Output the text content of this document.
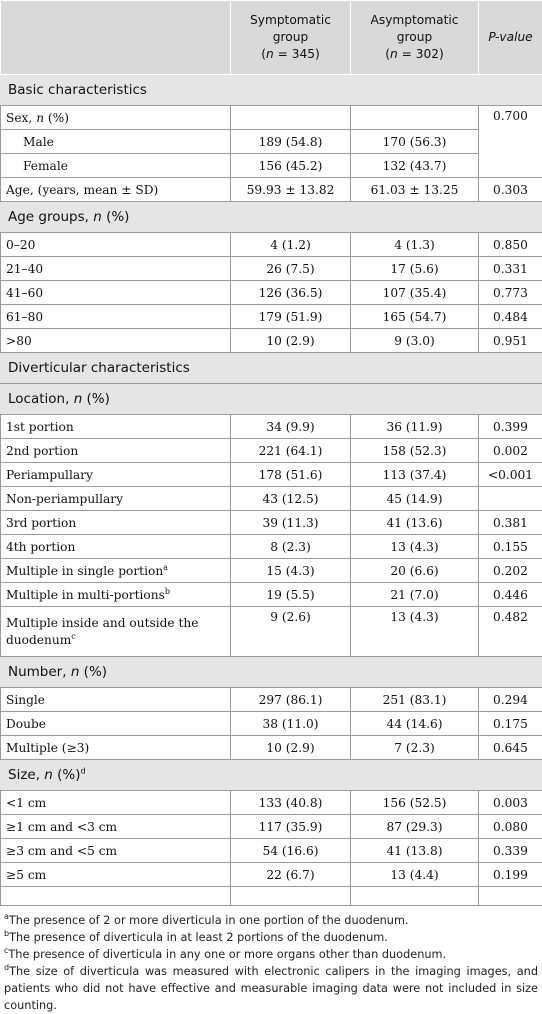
	Symptomatic
group
(n = 345)	Asymptomatic
group
(n = 302)	P-value
Basic characteristics			
Sex, n (%)			0.700
Male	189 (54.8)	170 (56.3)	
Female	156 (45.2)	132 (43.7)	
Age, (years, mean ± SD)	59.93 ± 13.82	61.03 ± 13.25	0.303
Age groups, n (%)			
0–20	4 (1.2)	4 (1.3)	0.850
21–40	26 (7.5)	17 (5.6)	0.331
41–60	126 (36.5)	107 (35.4)	0.773
61–80	179 (51.9)	165 (54.7)	0.484
>80	10 (2.9)	9 (3.0)	0.951
Diverticular characteristics			
Location, n (%)			
1st portion	34 (9.9)	36 (11.9)	0.399
2nd portion	221 (64.1)	158 (52.3)	0.002
Periampullary	178 (51.6)	113 (37.4)	<0.001
Non-periampullary	43 (12.5)	45 (14.9)	
3rd portion	39 (11.3)	41 (13.6)	0.381
4th portion	8 (2.3)	13 (4.3)	0.155
Multiple in single portion$^a$	15 (4.3)	20 (6.6)	0.202
Multiple in multi-portions$^b$	19 (5.5)	21 (7.0)	0.446
Multiple inside and outside the
duodenum$^c$	9 (2.6)	13 (4.3)	0.482
Number, n (%)			
Single	297 (86.1)	251 (83.1)	0.294
Doube	38 (11.0)	44 (14.6)	0.175
Multiple (≥3)	10 (2.9)	7 (2.3)	0.645
Size, n (%)$^d$
<1 cm	133 (40.8)	156 (52.5)	0.003
≥1 cm and <3 cm	117 (35.9)	87 (29.3)	0.080
≥3 cm and <5 cm	54 (16.6)	41 (13.8)	0.339
≥5 cm	22 (6.7)	13 (4.4)	0.199

$^a$The presence of 2 or more diverticula in one portion of the duodenum.

$^b$The presence of diverticula in at least 2 portions of the duodenum.

$^c$The presence of diverticula in any one or more organs other than duodenum.

$^d$The size of diverticula was measured with electronic calipers in the imaging images, and patients who did not have effective and measurable imaging data were not included in size counting.
